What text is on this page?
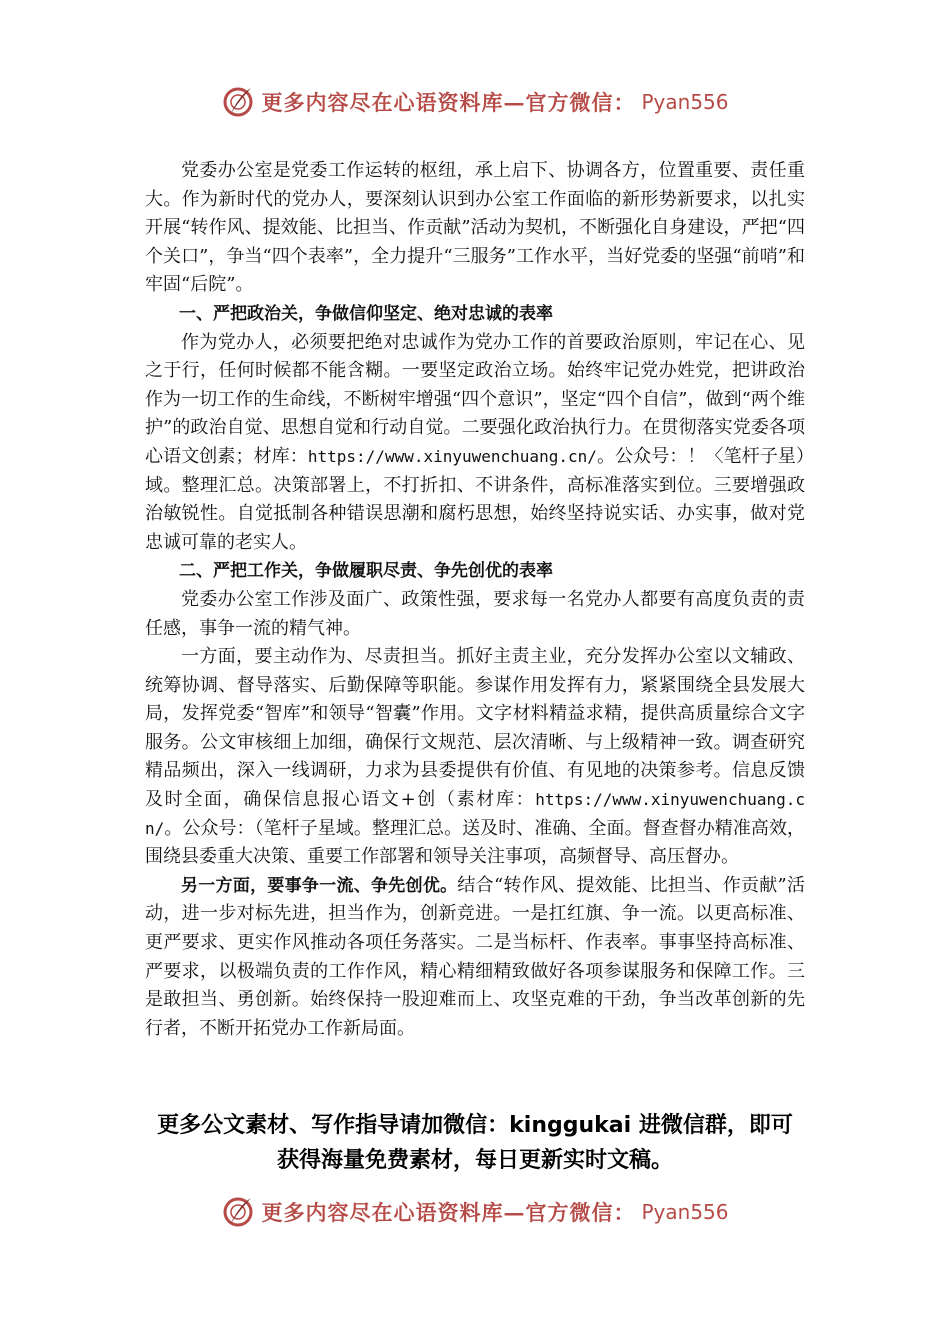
更多内容尽在心语资料库—官方微信： Pyan556

党委办公室是党委工作运转的枢纽，承上启下、协调各方，位置重要、责任重大。作为新时代的党办人，要深刻认识到办公室工作面临的新形势新要求，以扎实开展“转作风、提效能、比担当、作贡献”活动为契机，不断强化自身建设，严把“四个关口”，争当“四个表率”，全力提升“三服务”工作水平，当好党委的坚强“前哨”和牢固“后院”。

一、严把政治关，争做信仰坚定、绝对忠诚的表率

作为党办人，必须要把绝对忠诚作为党办工作的首要政治原则，牢记在心、见之于行，任何时候都不能含糊。一要坚定政治立场。始终牢记党办姓党，把讲政治作为一切工作的生命线，不断树牢增强“四个意识”，坚定“四个自信”，做到“两个维护”的政治自觉、思想自觉和行动自觉。二要强化政治执行力。在贯彻落实党委各项心语文创素；材库：https://www.xinyuwenchuang.cn/。公众号：！〈笔杆子星）域。整理汇总。决策部署上，不打折扣、不讲条件，高标准落实到位。三要增强政治敏锐性。自觉抵制各种错误思潮和腐朽思想，始终坚持说实话、办实事，做对党忠诚可靠的老实人。

二、严把工作关，争做履职尽责、争先创优的表率

党委办公室工作涉及面广、政策性强，要求每一名党办人都要有高度负责的责任感，事争一流的精气神。

一方面，要主动作为、尽责担当。抓好主责主业，充分发挥办公室以文辅政、统筹协调、督导落实、后勤保障等职能。参谋作用发挥有力，紧紧围绕全县发展大局，发挥党委“智库”和领导“智囊”作用。文字材料精益求精，提供高质量综合文字服务。公文审核细上加细，确保行文规范、层次清晰、与上级精神一致。调查研究精品频出，深入一线调研，力求为县委提供有价值、有见地的决策参考。信息反馈及时全面，确保信息报心语文+创（素材库：https://www.xinyuwenchuang.cn/。公众号：（笔杆子星域。整理汇总。送及时、准确、全面。督查督办精准高效，围绕县委重大决策、重要工作部署和领导关注事项，高频督导、高压督办。

另一方面，要事争一流、争先创优。结合“转作风、提效能、比担当、作贡献”活动，进一步对标先进，担当作为，创新竞进。一是扛红旗、争一流。以更高标准、更严要求、更实作风推动各项任务落实。二是当标杆、作表率。事事坚持高标准、严要求，以极端负责的工作作风，精心精细精致做好各项参谋服务和保障工作。三是敢担当、勇创新。始终保持一股迎难而上、攻坚克难的干劲，争当改革创新的先行者，不断开拓党办工作新局面。

更多公文素材、写作指导请加微信：kinggukai 进微信群，即可
获得海量免费素材，每日更新实时文稿。
更多内容尽在心语资料库—官方微信： Pyan556
